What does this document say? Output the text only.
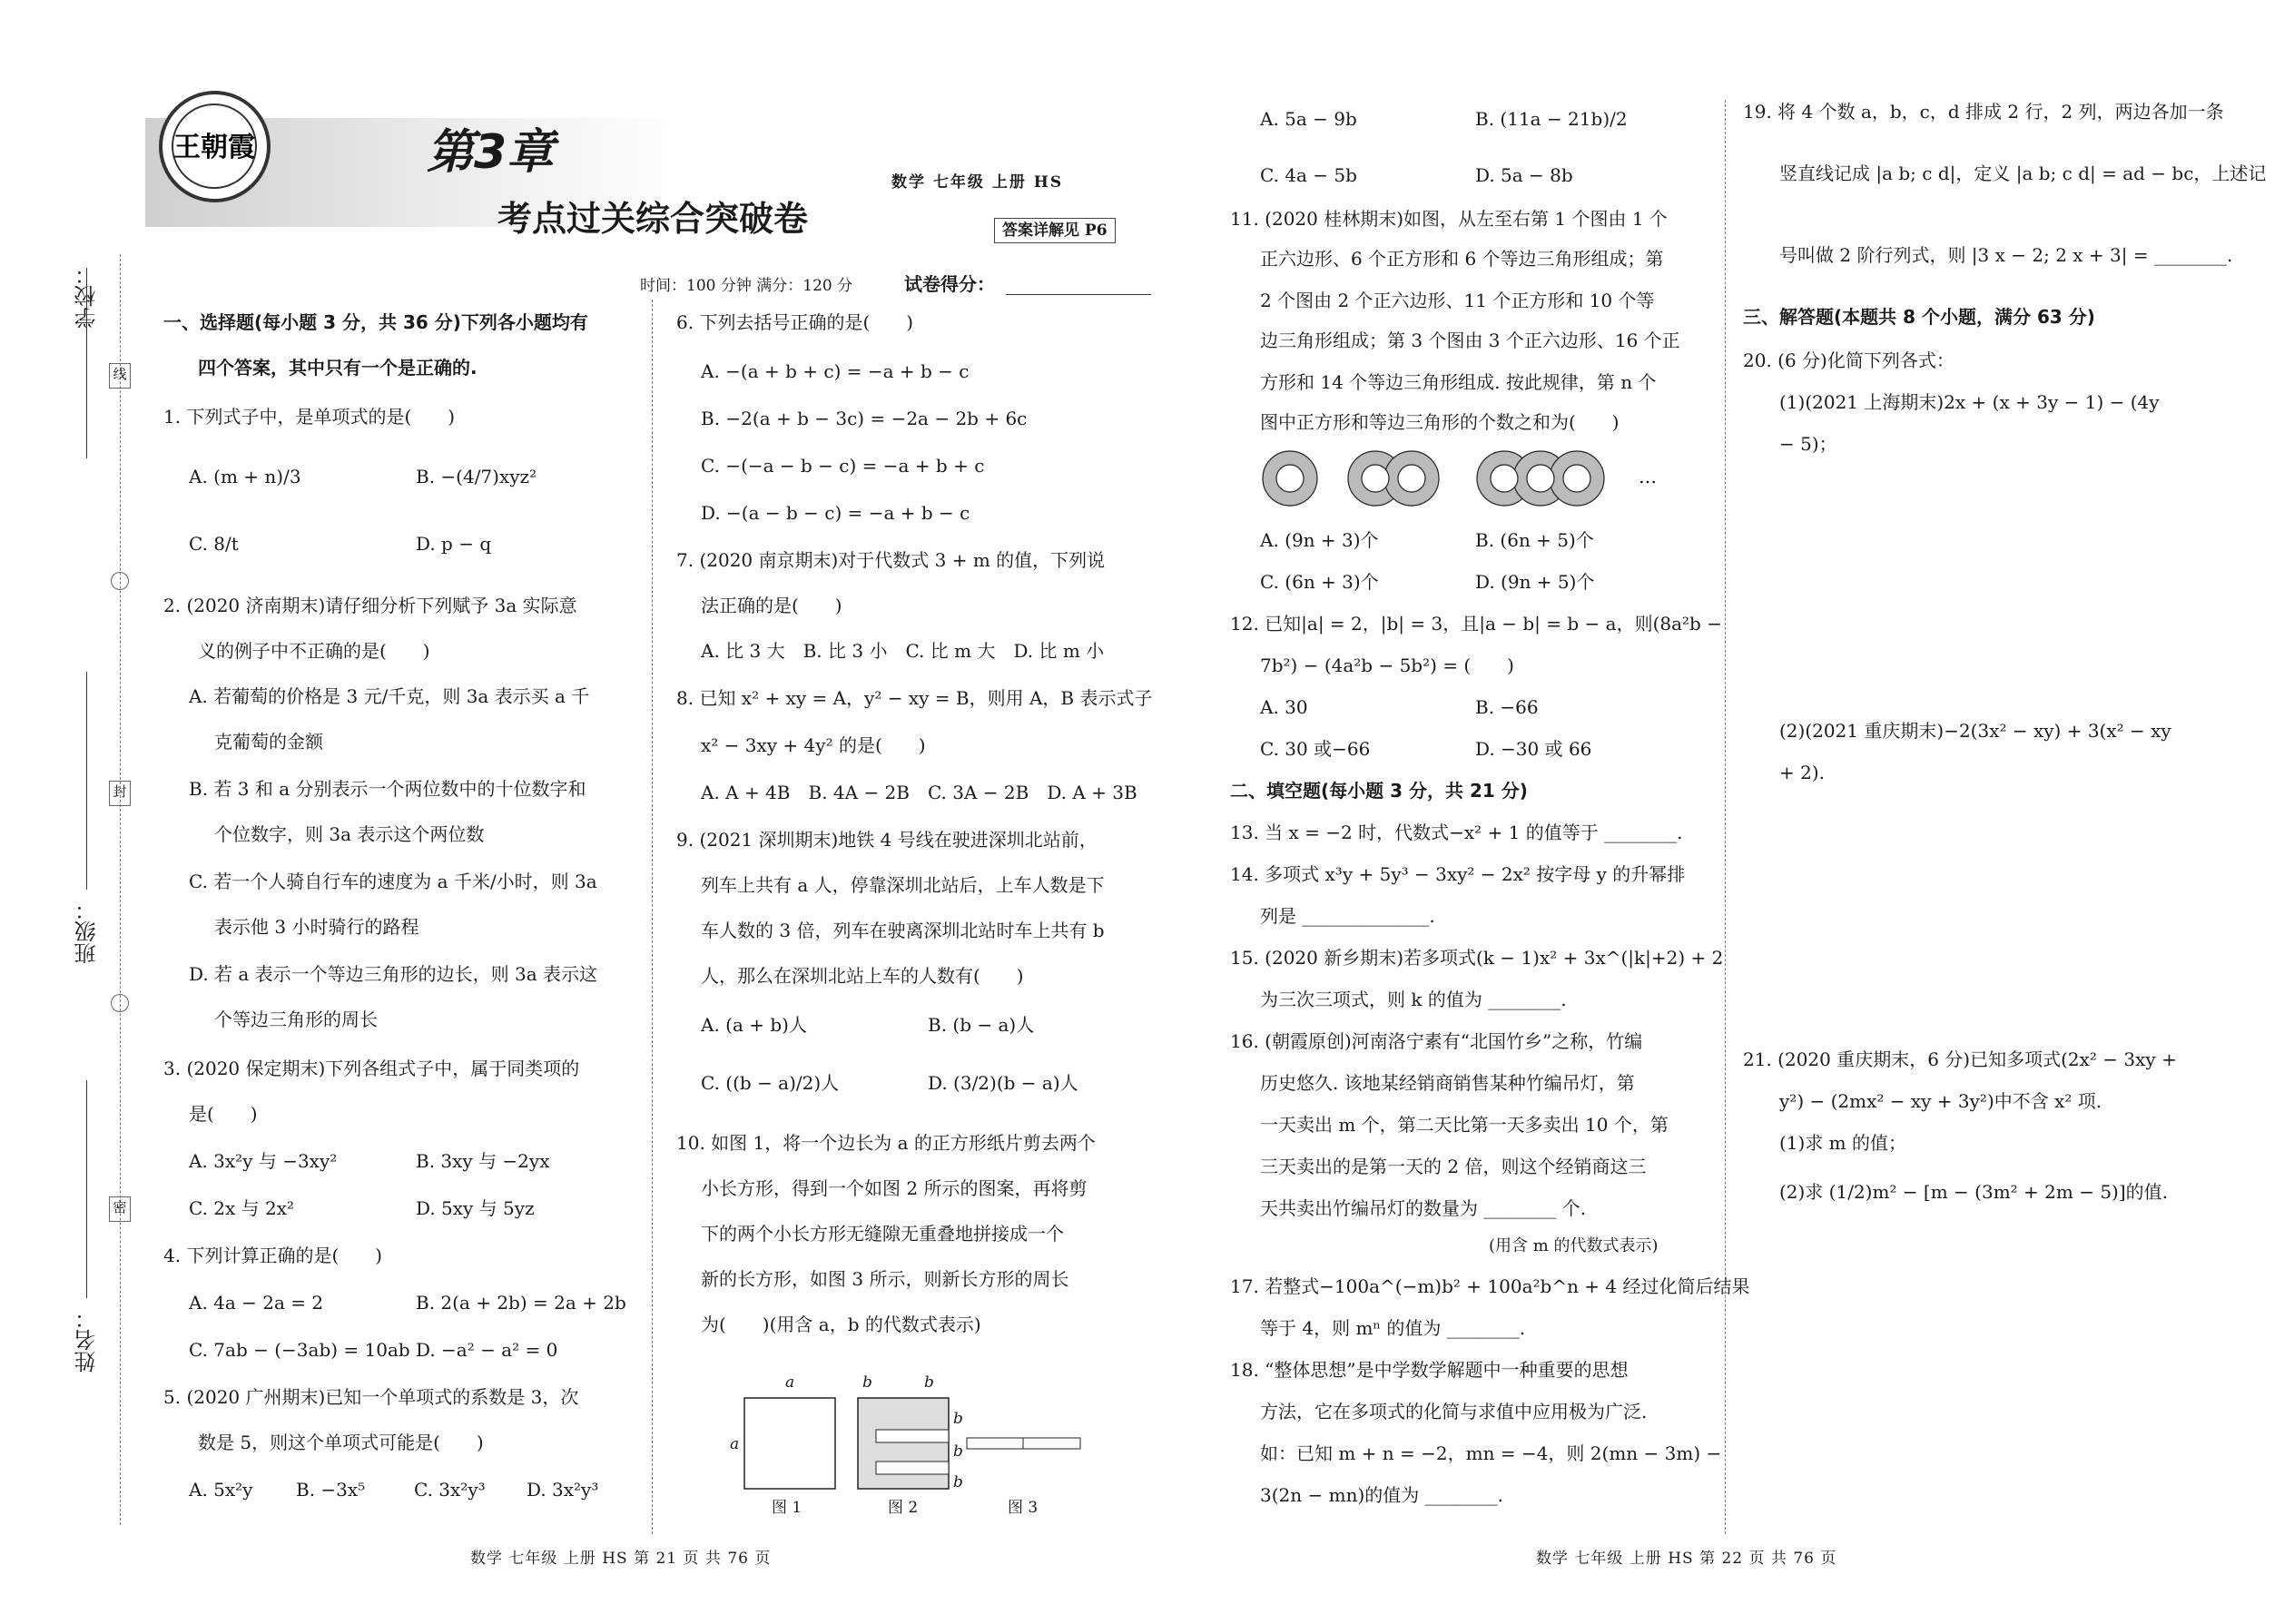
学校：
班级：
姓名：
线
封
密
王朝霞	第3章
考点过关综合突破卷
数学 七年级 上册 HS
答案详解见 P6
时间：100 分钟 满分：120 分	试卷得分：
一、选择题(每小题 3 分，共 36 分)下列各小题均有
四个答案，其中只有一个是正确的.
1. 下列式子中，是单项式的是(　　)
A. (m + n)/3	B. −(4/7)xyz²
C. 8/t	D. p − q
2. (2020 济南期末)请仔细分析下列赋予 3a 实际意
义的例子中不正确的是(　　)
A. 若葡萄的价格是 3 元/千克，则 3a 表示买 a 千
克葡萄的金额
B. 若 3 和 a 分别表示一个两位数中的十位数字和
个位数字，则 3a 表示这个两位数
C. 若一个人骑自行车的速度为 a 千米/小时，则 3a
表示他 3 小时骑行的路程
D. 若 a 表示一个等边三角形的边长，则 3a 表示这
个等边三角形的周长
3. (2020 保定期末)下列各组式子中，属于同类项的
是(　　)
A. 3x²y 与 −3xy²	B. 3xy 与 −2yx
C. 2x 与 2x²	D. 5xy 与 5yz
4. 下列计算正确的是(　　)
A. 4a − 2a = 2	B. 2(a + 2b) = 2a + 2b
C. 7ab − (−3ab) = 10ab D. −a² − a² = 0
5. (2020 广州期末)已知一个单项式的系数是 3，次
数是 5，则这个单项式可能是(　　)
A. 5x²y B. −3x⁵	C. 3x²y³ D. 3x²y³
6. 下列去括号正确的是(　　)
A. −(a + b + c) = −a + b − c
B. −2(a + b − 3c) = −2a − 2b + 6c
C. −(−a − b − c) = −a + b + c
D. −(a − b − c) = −a + b − c
7. (2020 南京期末)对于代数式 3 + m 的值，下列说
法正确的是(　　)
A. 比 3 大　B. 比 3 小　C. 比 m 大　D. 比 m 小
8. 已知 x² + xy = A，y² − xy = B，则用 A，B 表示式子
x² − 3xy + 4y² 的是(　　)
A. A + 4B　B. 4A − 2B　C. 3A − 2B　D. A + 3B
9. (2021 深圳期末)地铁 4 号线在驶进深圳北站前，
列车上共有 a 人，停靠深圳北站后，上车人数是下
车人数的 3 倍，列车在驶离深圳北站时车上共有 b
人，那么在深圳北站上车的人数有(　　)
A. (a + b)人	B. (b − a)人
C. ((b − a)/2)人	D. (3/2)(b − a)人
10. 如图 1，将一个边长为 a 的正方形纸片剪去两个
小长方形，得到一个如图 2 所示的图案，再将剪
下的两个小长方形无缝隙无重叠地拼接成一个
新的长方形，如图 3 所示，则新长方形的周长
为(　　)(用含 a，b 的代数式表示)
a
a
b	b
b
b
b
图 1	图 2	图 3
A. 5a − 9b	B. (11a − 21b)/2
C. 4a − 5b	D. 5a − 8b
11. (2020 桂林期末)如图，从左至右第 1 个图由 1 个
正六边形、6 个正方形和 6 个等边三角形组成；第
2 个图由 2 个正六边形、11 个正方形和 10 个等
边三角形组成；第 3 个图由 3 个正六边形、16 个正
方形和 14 个等边三角形组成. 按此规律，第 n 个
图中正方形和等边三角形的个数之和为(　　)
…
A. (9n + 3)个	B. (6n + 5)个
C. (6n + 3)个	D. (9n + 5)个
12. 已知|a| = 2，|b| = 3，且|a − b| = b − a，则(8a²b −
7b²) − (4a²b − 5b²) = (　　)
A. 30	B. −66
C. 30 或−66	D. −30 或 66
二、填空题(每小题 3 分，共 21 分)
13. 当 x = −2 时，代数式−x² + 1 的值等于 ________.
14. 多项式 x³y + 5y³ − 3xy² − 2x² 按字母 y 的升幂排
列是 ______________.
15. (2020 新乡期末)若多项式(k − 1)x² + 3x^(|k|+2) + 2
为三次三项式，则 k 的值为 ________.
16. (朝霞原创)河南洛宁素有“北国竹乡”之称，竹编
历史悠久. 该地某经销商销售某种竹编吊灯，第
一天卖出 m 个，第二天比第一天多卖出 10 个，第
三天卖出的是第一天的 2 倍，则这个经销商这三
天共卖出竹编吊灯的数量为 ________ 个.
(用含 m 的代数式表示)
17. 若整式−100a^(−m)b² + 100a²b^n + 4 经过化简后结果
等于 4，则 mⁿ 的值为 ________.
18. “整体思想”是中学数学解题中一种重要的思想
方法，它在多项式的化简与求值中应用极为广泛.
如：已知 m + n = −2，mn = −4，则 2(mn − 3m) −
3(2n − mn)的值为 ________.
19. 将 4 个数 a，b，c，d 排成 2 行，2 列，两边各加一条
竖直线记成 |a b; c d|，定义 |a b; c d| = ad − bc，上述记
号叫做 2 阶行列式，则 |3 x − 2; 2 x + 3| = ________.
三、解答题(本题共 8 个小题，满分 63 分)
20. (6 分)化简下列各式：
(1)(2021 上海期末)2x + (x + 3y − 1) − (4y
− 5)；
(2)(2021 重庆期末)−2(3x² − xy) + 3(x² − xy
+ 2).
21. (2020 重庆期末，6 分)已知多项式(2x² − 3xy +
y²) − (2mx² − xy + 3y²)中不含 x² 项.
(1)求 m 的值；
(2)求 (1/2)m² − [m − (3m² + 2m − 5)]的值.
数学 七年级 上册 HS 第 21 页 共 76 页	数学 七年级 上册 HS 第 22 页 共 76 页
